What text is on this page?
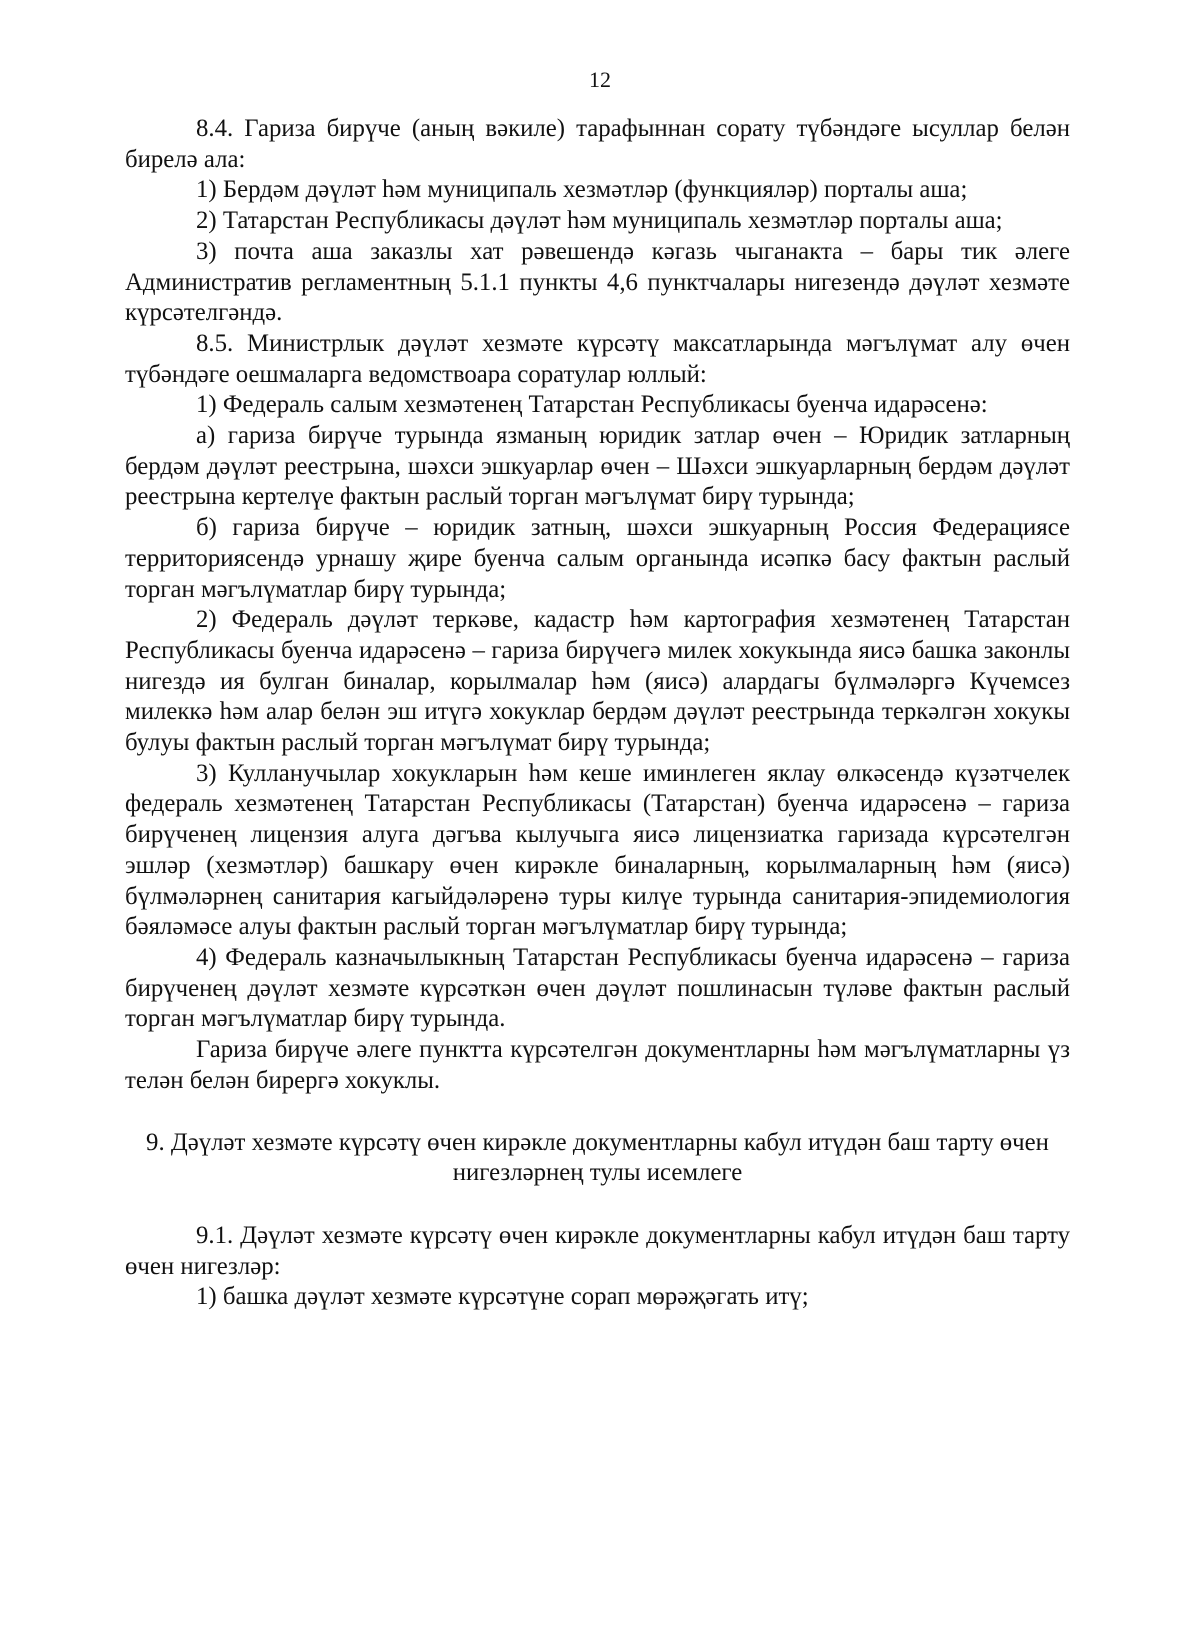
12

8.4. Гариза бирүче (аның вәкиле) тарафыннан сорату түбәндәге ысуллар белән бирелә ала:

1) Бердәм дәүләт һәм муниципаль хезмәтләр (функцияләр) порталы аша;

2) Татарстан Республикасы дәүләт һәм муниципаль хезмәтләр порталы аша;

3) почта аша заказлы хат рәвешендә кәгазь чыганакта – бары тик әлеге Административ регламентның 5.1.1 пункты 4,6 пунктчалары нигезендә дәүләт хезмәте күрсәтелгәндә.

8.5. Министрлык дәүләт хезмәте күрсәтү максатларында мәгълүмат алу өчен түбәндәге оешмаларга ведомствоара соратулар юллый:

1) Федераль салым хезмәтенең Татарстан Республикасы буенча идарәсенә:

а) гариза бирүче турында язманың юридик затлар өчен – Юридик затларның бердәм дәүләт реестрына, шәхси эшкуарлар өчен – Шәхси эшкуарларның бердәм дәүләт реестрына кертелүе фактын раслый торган мәгълүмат бирү турында;

б) гариза бирүче – юридик затның, шәхси эшкуарның Россия Федерациясе территориясендә урнашу җире буенча салым органында исәпкә басу фактын раслый торган мәгълүматлар бирү турында;

2) Федераль дәүләт теркәве, кадастр һәм картография хезмәтенең Татарстан Республикасы буенча идарәсенә – гариза бирүчегә милек хокукында яисә башка законлы нигездә ия булган биналар, корылмалар һәм (яисә) алардагы бүлмәләргә Күчемсез милеккә һәм алар белән эш итүгә хокуклар бердәм дәүләт реестрында теркәлгән хокукы булуы фактын раслый торган мәгълүмат бирү турында;

3) Кулланучылар хокукларын һәм кеше иминлеген яклау өлкәсендә күзәтчелек федераль хезмәтенең Татарстан Республикасы (Татарстан) буенча идарәсенә – гариза бирүченең лицензия алуга дәгъва кылучыга яисә лицензиатка гаризада күрсәтелгән эшләр (хезмәтләр) башкару өчен кирәкле биналарның, корылмаларның һәм (яисә) бүлмәләрнең санитария кагыйдәләренә туры килүе турында санитария-эпидемиология бәяләмәсе алуы фактын раслый торган мәгълүматлар бирү турында;

4) Федераль казначылыкның Татарстан Республикасы буенча идарәсенә – гариза бирүченең дәүләт хезмәте күрсәткән өчен дәүләт пошлинасын түләве фактын раслый торган мәгълүматлар бирү турында.

Гариза бирүче әлеге пунктта күрсәтелгән документларны һәм мәгълүматларны үз телән белән бирергә хокуклы.

9. Дәүләт хезмәте күрсәтү өчен кирәкле документларны кабул итүдән баш тарту өчен нигезләрнең тулы исемлеге

9.1. Дәүләт хезмәте күрсәтү өчен кирәкле документларны кабул итүдән баш тарту өчен нигезләр:

1) башка дәүләт хезмәте күрсәтүне сорап мөрәҗәгать итү;
